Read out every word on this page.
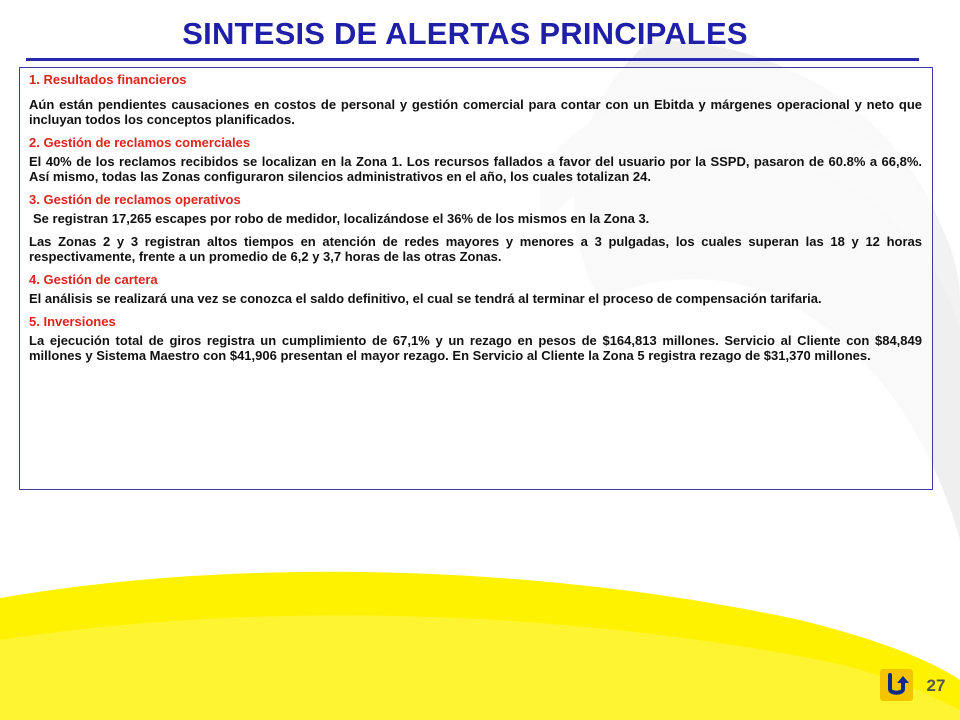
SINTESIS DE ALERTAS PRINCIPALES
1. Resultados financieros

Aún están pendientes causaciones en costos de personal y gestión comercial para contar con un Ebitda y márgenes operacional y neto que incluyan todos los conceptos planificados.

2. Gestión de reclamos comerciales

El 40% de los reclamos recibidos se localizan en la Zona 1. Los recursos fallados a favor del usuario por la SSPD, pasaron de 60.8% a 66,8%. Así mismo, todas las Zonas configuraron silencios administrativos en el año, los cuales totalizan 24.

3. Gestión de reclamos operativos

Se registran 17,265 escapes por robo de medidor, localizándose el 36% de los mismos en la Zona 3.

Las Zonas 2 y 3 registran altos tiempos en atención de redes mayores y menores a 3 pulgadas, los cuales superan las 18 y 12 horas respectivamente, frente a un promedio de 6,2 y 3,7 horas de las otras Zonas.

4. Gestión de cartera

El análisis se realizará una vez se conozca el saldo definitivo, el cual se tendrá al terminar el proceso de compensación tarifaria.

5. Inversiones

La ejecución total de giros registra un cumplimiento de 67,1% y un rezago en pesos de $164,813 millones. Servicio al Cliente con $84,849 millones y Sistema Maestro con $41,906 presentan el mayor rezago. En Servicio al Cliente la Zona 5 registra rezago de $31,370 millones.

27
